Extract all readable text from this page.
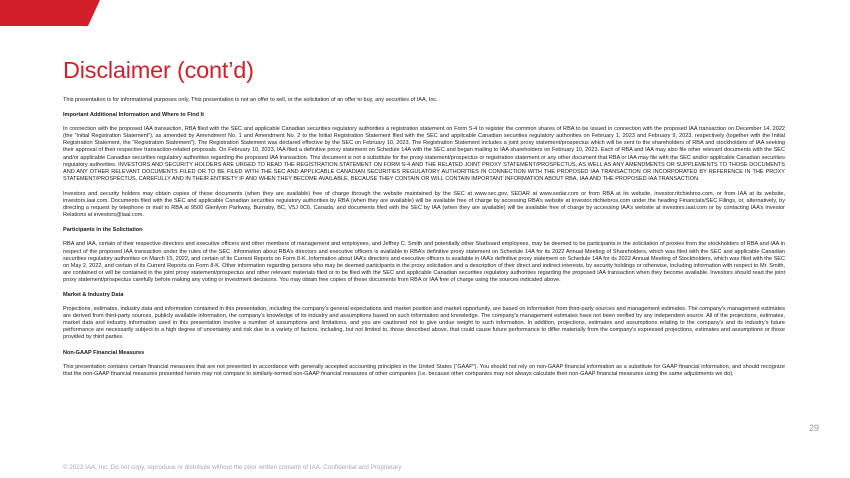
Disclaimer (cont’d)

This presentation is for informational purposes only. This presentation is not an offer to sell, or the solicitation of an offer to buy, any securities of IAA, Inc.

Important Additional Information and Where to Find It

In connection with the proposed IAA transaction, RBA filed with the SEC and applicable Canadian securities regulatory authorities a registration statement on Form S-4 to register the common shares of RBA to be issued in connection with the proposed IAA transaction on December 14, 2022 (the “Initial Registration Statement”), as amended by Amendment No. 1 and Amendment No. 2 to the Initial Registration Statement filed with the SEC and applicable Canadian securities regulatory authorities on February 1, 2023 and February 9, 2023, respectively (together with the Initial Registration Statement, the “Registration Statement”). The Registration Statement was declared effective by the SEC on February 10, 2023. The Registration Statement includes a joint proxy statement/prospectus which will be sent to the shareholders of RBA and stockholders of IAA seeking their approval of their respective transaction-related proposals. On February 10, 2023, IAA filed a definitive proxy statement on Schedule 14A with the SEC and began mailing to IAA shareholders on February 10, 2023. Each of RBA and IAA may also file other relevant documents with the SEC and/or applicable Canadian securities regulatory authorities regarding the proposed IAA transaction. This document is not a substitute for the proxy statement/prospectus or registration statement or any other document that RBA or IAA may file with the SEC and/or applicable Canadian securities regulatory authorities. INVESTORS AND SECURITY HOLDERS ARE URGED TO READ THE REGISTRATION STATEMENT ON FORM S-4 AND THE RELATED JOINT PROXY STATEMENT/PROSPECTUS, AS WELL AS ANY AMENDMENTS OR SUPPLEMENTS TO THOSE DOCUMENTS AND ANY OTHER RELEVANT DOCUMENTS FILED OR TO BE FILED WITH THE SEC AND APPLICABLE CANADIAN SECURITIES REGULATORY AUTHORITIES IN CONNECTION WITH THE PROPOSED IAA TRANSACTION OR INCORPORATED BY REFERENCE IN THE PROXY STATEMENT/PROSPECTUS, CAREFULLY AND IN THEIR ENTIRETY IF AND WHEN THEY BECOME AVAILABLE, BECAUSE THEY CONTAIN OR WILL CONTAIN IMPORTANT INFORMATION ABOUT RBA, IAA AND THE PROPOSED IAA TRANSACTION.

Investors and security holders may obtain copies of these documents (when they are available) free of charge through the website maintained by the SEC at www.sec.gov, SEDAR at www.sedar.com or from RBA at its website, investor.ritchiebros.com, or from IAA at its website, investors.iaai.com. Documents filed with the SEC and applicable Canadian securities regulatory authorities by RBA (when they are available) will be available free of charge by accessing RBA’s website at investor.ritchiebros.com under the heading Financials/SEC Filings, or, alternatively, by directing a request by telephone or mail to RBA at 9500 Glenlyon Parkway, Burnaby, BC, V5J 0C6, Canada, and documents filed with the SEC by IAA (when they are available) will be available free of charge by accessing IAA’s website at investors.iaai.com or by contacting IAA’s Investor Relations at investors@iaai.com.

Participants in the Solicitation

RBA and IAA, certain of their respective directors and executive officers and other members of management and employees, and Jeffrey C. Smith and potentially other Starboard employees, may be deemed to be participants in the solicitation of proxies from the stockholders of RBA and IAA in respect of the proposed IAA transaction under the rules of the SEC. Information about RBA’s directors and executive officers is available in RBA’s definitive proxy statement on Schedule 14A for its 2022 Annual Meeting of Shareholders, which was filed with the SEC and applicable Canadian securities regulatory authorities on March 15, 2022, and certain of its Current Reports on Form 8-K. Information about IAA’s directors and executive officers is available in IAA’s definitive proxy statement on Schedule 14A for its 2022 Annual Meeting of Stockholders, which was filed with the SEC on May 2, 2022, and certain of its Current Reports on Form 8-K. Other information regarding persons who may be deemed participants in the proxy solicitation and a description of their direct and indirect interests, by security holdings or otherwise, including information with respect to Mr. Smith, are contained or will be contained in the joint proxy statement/prospectus and other relevant materials filed or to be filed with the SEC and applicable Canadian securities regulatory authorities regarding the proposed IAA transaction when they become available. Investors should read the joint proxy statement/prospectus carefully before making any voting or investment decisions. You may obtain free copies of these documents from RBA or IAA free of charge using the sources indicated above.

Market & Industry Data

Projections, estimates, industry data and information contained in this presentation, including the company's general expectations and market position and market opportunity, are based on information from third-party sources and management estimates. The company's management estimates are derived from third-party sources, publicly available information, the company's knowledge of its industry and assumptions based on such information and knowledge. The company's management estimates have not been verified by any independent source. All of the projections, estimates, market data and industry information used in this presentation involve a number of assumptions and limitations, and you are cautioned not to give undue weight to such information. In addition, projections, estimates and assumptions relating to the company's and its industry's future performance are necessarily subject to a high degree of uncertainty and risk due to a variety of factors, including, but not limited to, those described above, that could cause future performance to differ materially from the company's expressed projections, estimates and assumptions or those provided by third parties.

Non-GAAP Financial Measures

This presentation contains certain financial measures that are not presented in accordance with generally accepted accounting principles in the United States (“GAAP”). You should not rely on non-GAAP financial information as a substitute for GAAP financial information, and should recognize that the non-GAAP financial measures presented herein may not compare to similarly-termed non-GAAP financial measures of other companies (i.e. because other companies may not always calculate their non-GAAP financial measures using the same adjustments we do).

29
© 2023 IAA, Inc. Do not copy, reproduce or distribute without the prior written consent of IAA. Confidential and Proprietary
